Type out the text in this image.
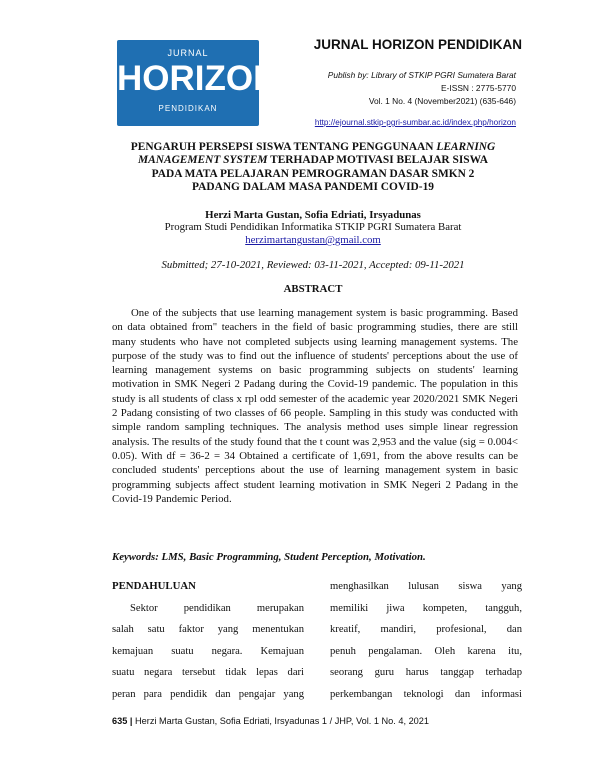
JURNAL
HORIZON
PENDIDIKAN
JURNAL HORIZON PENDIDIKAN
Publish by: Library of STKIP PGRI Sumatera Barat
E-ISSN : 2775-5770
Vol. 1 No. 4 (November2021) (635-646)
http://ejournal.stkip-pgri-sumbar.ac.id/index.php/horizon
PENGARUH PERSEPSI SISWA TENTANG PENGGUNAAN LEARNING
MANAGEMENT SYSTEM TERHADAP MOTIVASI BELAJAR SISWA
PADA MATA PELAJARAN PEMROGRAMAN DASAR SMKN 2
PADANG DALAM MASA PANDEMI COVID-19
Herzi Marta Gustan, Sofia Edriati, Irsyadunas
Program Studi Pendidikan Informatika STKIP PGRI Sumatera Barat
herzimartangustan@gmail.com
Submitted; 27-10-2021, Reviewed: 03-11-2021, Accepted: 09-11-2021
ABSTRACT
One of the subjects that use learning management system is basic programming. Based on data obtained from" teachers in the field of basic programming studies, there are still many students who have not completed subjects using learning management systems. The purpose of the study was to find out the influence of students' perceptions about the use of learning management systems on basic programming subjects on students' learning motivation in SMK Negeri 2 Padang during the Covid-19 pandemic. The population in this study is all students of class x rpl odd semester of the academic year 2020/2021 SMK Negeri 2 Padang consisting of two classes of 66 people. Sampling in this study was conducted with simple random sampling techniques. The analysis method uses simple linear regression analysis. The results of the study found that the t count was 2,953 and the value (sig = 0.004< 0.05). With df = 36-2 = 34 Obtained a certificate of 1,691, from the above results can be concluded students' perceptions about the use of learning management system in basic programming subjects affect student learning motivation in SMK Negeri 2 Padang in the Covid-19 Pandemic Period.
Keywords: LMS, Basic Programming, Student Perception, Motivation.
PENDAHULUAN
Sektor pendidikan merupakan
salah satu faktor yang menentukan
kemajuan suatu negara. Kemajuan
suatu negara tersebut tidak lepas dari
peran para pendidik dan pengajar yang
menghasilkan lulusan siswa yang
memiliki jiwa kompeten, tangguh,
kreatif, mandiri, profesional, dan
penuh pengalaman. Oleh karena itu,
seorang guru harus tanggap terhadap
perkembangan teknologi dan informasi
635 | Herzi Marta Gustan, Sofia Edriati, Irsyadunas 1 / JHP, Vol. 1 No. 4, 2021
